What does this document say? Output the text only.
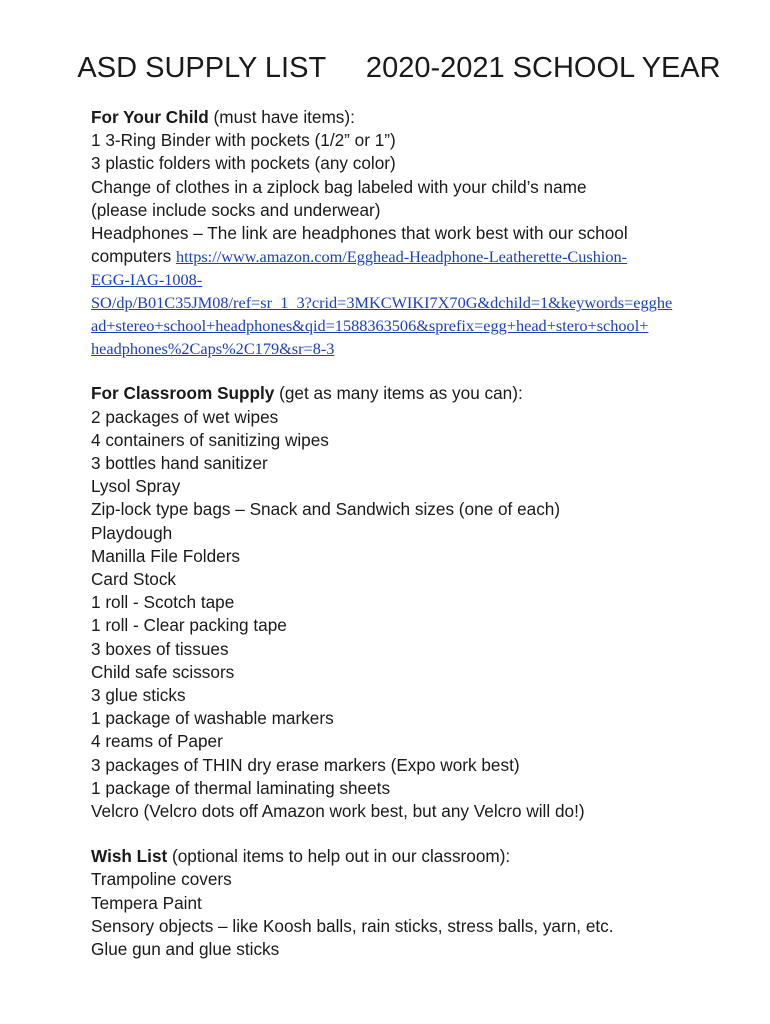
ASD SUPPLY LIST     2020-2021 SCHOOL YEAR
For Your Child (must have items):
1 3-Ring Binder with pockets (1/2” or 1”)
3 plastic folders with pockets (any color)
Change of clothes in a ziplock bag labeled with your child’s name
(please include socks and underwear)
Headphones – The link are headphones that work best with our school
computers https://www.amazon.com/Egghead-Headphone-Leatherette-Cushion-
EGG-IAG-1008-
SO/dp/B01C35JM08/ref=sr_1_3?crid=3MKCWIKI7X70G&dchild=1&keywords=egghe
ad+stereo+school+headphones&qid=1588363506&sprefix=egg+head+stero+school+
headphones%2Caps%2C179&sr=8-3
For Classroom Supply (get as many items as you can):
2 packages of wet wipes
4 containers of sanitizing wipes
3 bottles hand sanitizer
Lysol Spray
Zip-lock type bags – Snack and Sandwich sizes (one of each)
Playdough
Manilla File Folders
Card Stock
1 roll - Scotch tape
1 roll - Clear packing tape
3 boxes of tissues
Child safe scissors
3 glue sticks
1 package of washable markers
4 reams of Paper
3 packages of THIN dry erase markers (Expo work best)
1 package of thermal laminating sheets
Velcro (Velcro dots off Amazon work best, but any Velcro will do!)
Wish List (optional items to help out in our classroom):
Trampoline covers
Tempera Paint
Sensory objects – like Koosh balls, rain sticks, stress balls, yarn, etc.
Glue gun and glue sticks
